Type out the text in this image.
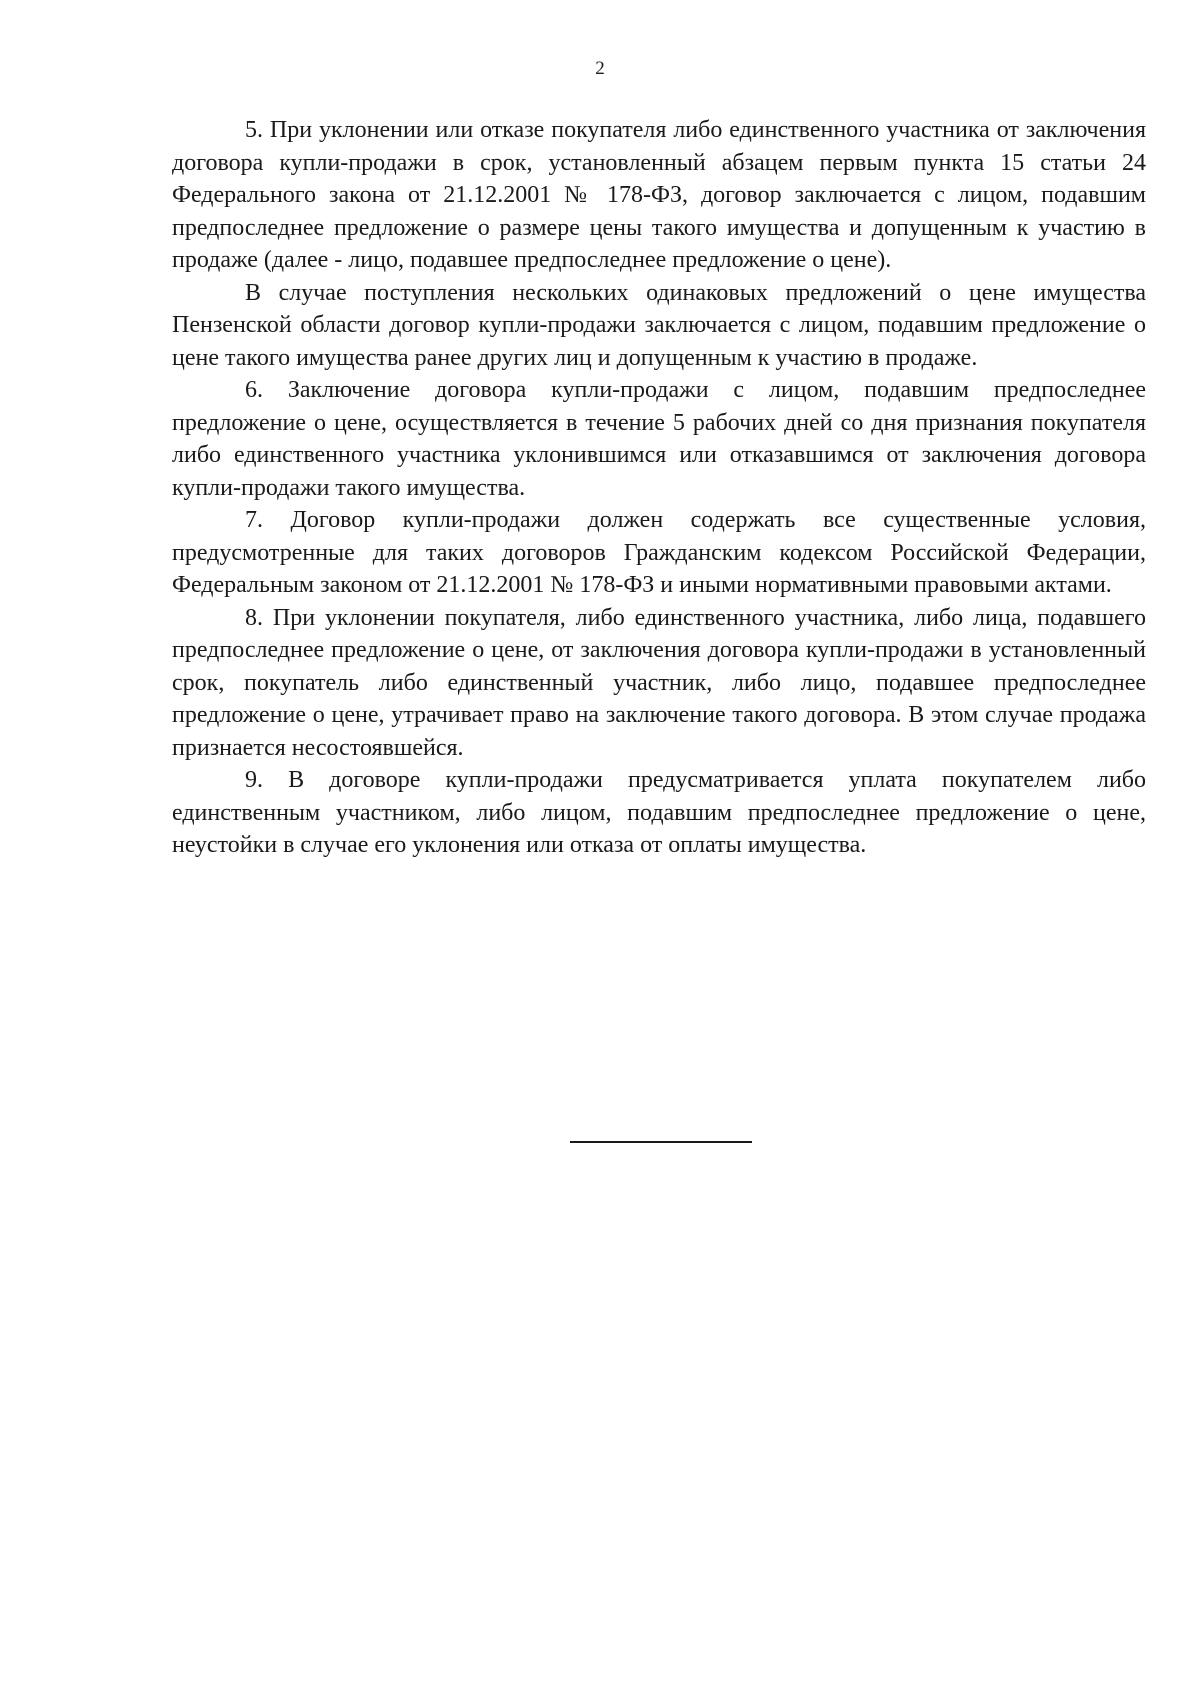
2

5. При уклонении или отказе покупателя либо единственного участника от заключения договора купли-продажи в срок, установленный абзацем первым пункта 15 статьи 24 Федерального закона от 21.12.2001 № 178-ФЗ, договор заключается с лицом, подавшим предпоследнее предложение о размере цены такого имущества и допущенным к участию в продаже (далее - лицо, подавшее предпоследнее предложение о цене).

В случае поступления нескольких одинаковых предложений о цене имущества Пензенской области договор купли-продажи заключается с лицом, подавшим предложение о цене такого имущества ранее других лиц и допущенным к участию в продаже.

6. Заключение договора купли-продажи с лицом, подавшим предпоследнее предложение о цене, осуществляется в течение 5 рабочих дней со дня признания покупателя либо единственного участника уклонившимся или отказавшимся от заключения договора купли-продажи такого имущества.

7. Договор купли-продажи должен содержать все существенные условия, предусмотренные для таких договоров Гражданским кодексом Российской Федерации, Федеральным законом от 21.12.2001 № 178-ФЗ и иными нормативными правовыми актами.

8. При уклонении покупателя, либо единственного участника, либо лица, подавшего предпоследнее предложение о цене, от заключения договора купли-продажи в установленный срок, покупатель либо единственный участник, либо лицо, подавшее предпоследнее предложение о цене, утрачивает право на заключение такого договора. В этом случае продажа признается несостоявшейся.

9. В договоре купли-продажи предусматривается уплата покупателем либо единственным участником, либо лицом, подавшим предпоследнее предложение о цене, неустойки в случае его уклонения или отказа от оплаты имущества.
